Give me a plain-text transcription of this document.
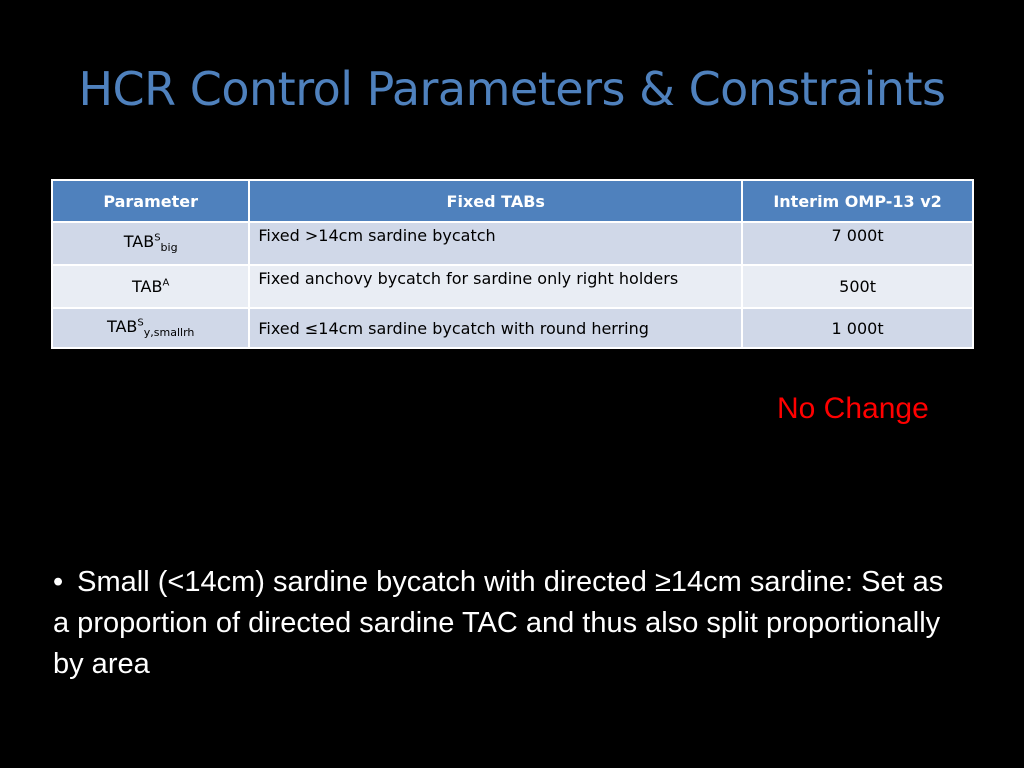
HCR Control Parameters & Constraints
Parameter	Fixed TABs	Interim OMP-13 v2
$TAB^S_{big}$	Fixed >14cm sardine bycatch	7 000t
$TAB^A$	Fixed anchovy bycatch for sardine only right holders	500t
$TAB^S_{y,smallrh}$	Fixed ≤14cm sardine bycatch with round herring	1 000t
No Change
• Small (<14cm) sardine bycatch with directed ≥14cm sardine: Set as a proportion of directed sardine TAC and thus also split proportionally by area
